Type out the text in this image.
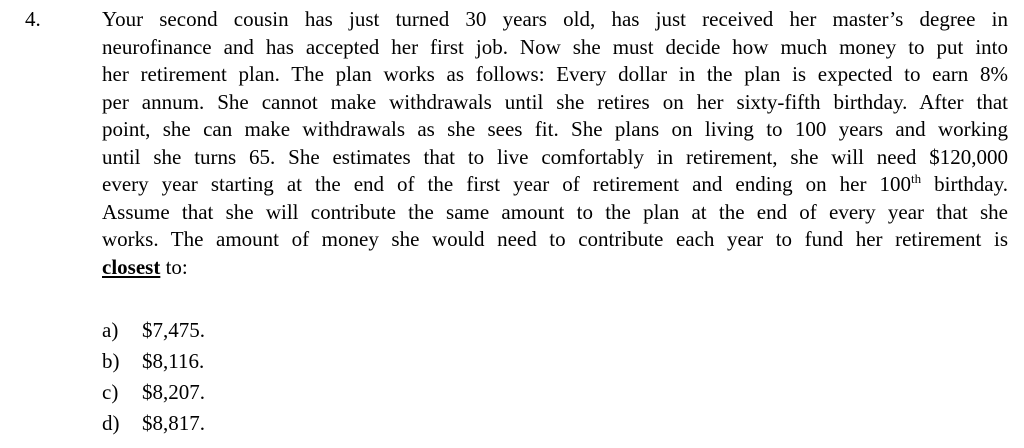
4.	Your second cousin has just turned 30 years old, has just received her master’s degree in
neurofinance and has accepted her first job. Now she must decide how much money to put into
her retirement plan. The plan works as follows: Every dollar in the plan is expected to earn 8%
per annum. She cannot make withdrawals until she retires on her sixty-fifth birthday. After that
point, she can make withdrawals as she sees fit. She plans on living to 100 years and working
until she turns 65. She estimates that to live comfortably in retirement, she will need $120,000
every year starting at the end of the first year of retirement and ending on her 100th birthday.
Assume that she will contribute the same amount to the plan at the end of every year that she
works. The amount of money she would need to contribute each year to fund her retirement is
closest to:
a)	$7,475.
b)	$8,116.
c)	$8,207.
d)	$8,817.
